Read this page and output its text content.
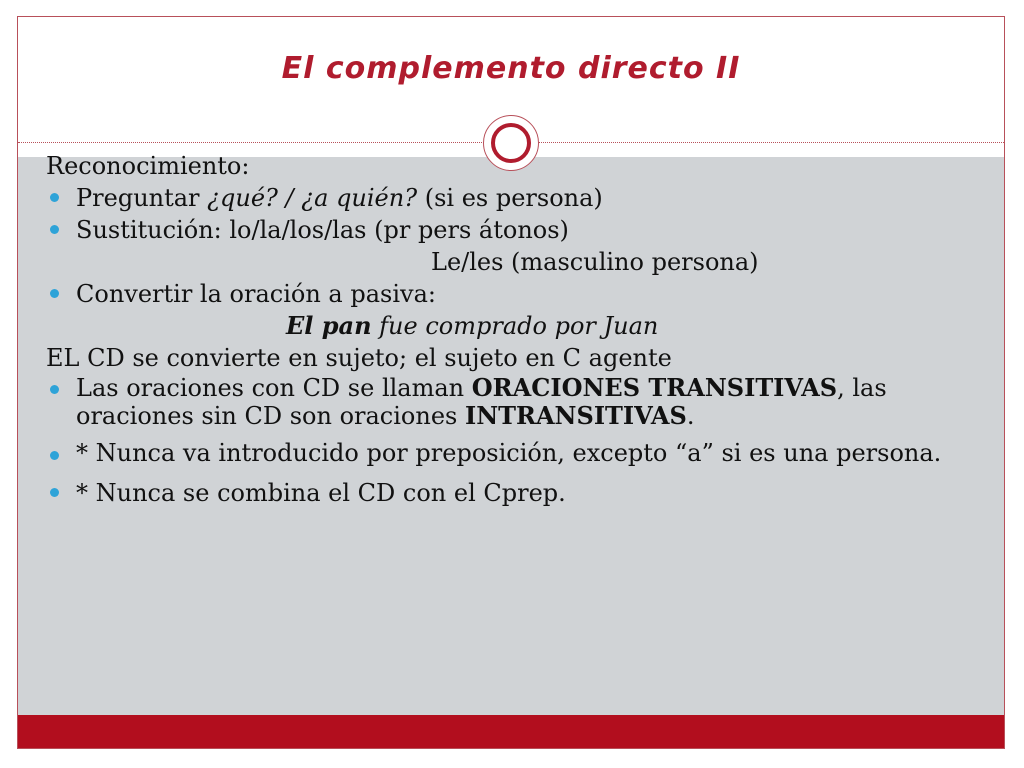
El complemento directo II

Reconocimiento:

Preguntar ¿qué? / ¿a quién? (si es persona)

Sustitución: lo/la/los/las (pr pers átonos)

Le/les (masculino persona)

Convertir la oración a pasiva:

El pan fue comprado por Juan

EL CD se convierte en sujeto; el sujeto en C agente

Las oraciones con CD se llaman ORACIONES TRANSITIVAS, las oraciones sin CD son oraciones INTRANSITIVAS.

* Nunca va introducido por preposición, excepto “a” si es una persona.

* Nunca se combina el CD con el Cprep.
